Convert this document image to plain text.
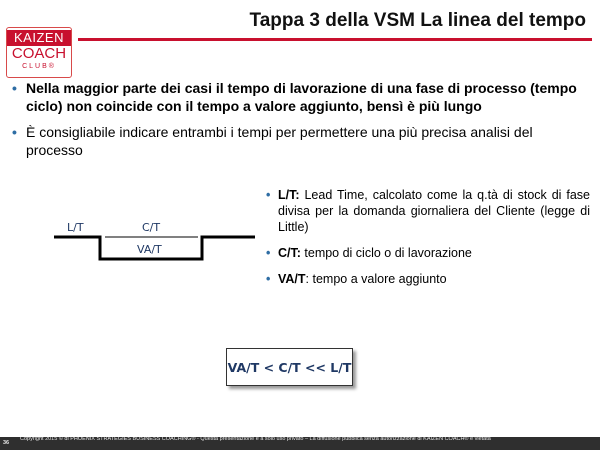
KAIZEN
COACH
CLUB®
Tappa 3 della VSM La linea del tempo
• Nella maggior parte dei casi il tempo di lavorazione di una fase di processo (tempo ciclo) non coincide con il tempo a valore aggiunto, bensì è più lungo
• È consigliabile indicare entrambi i tempi per permettere una più precisa analisi del processo
L/T	C/T
VA/T
• L/T: Lead Time, calcolato come la q.tà di stock di fase divisa per la domanda giornaliera del Cliente (legge di Little)
• C/T: tempo di ciclo o di lavorazione
• VA/T: tempo a valore aggiunto
VA/T < C/T << L/T
36
Copyright 2015 © di PHOENIX STRATEGIES BUSINESS COACHING® - Questa presentazione è a solo uso privato – La diffusione pubblica senza autorizzazione di KAIZEN COACH® è vietata
